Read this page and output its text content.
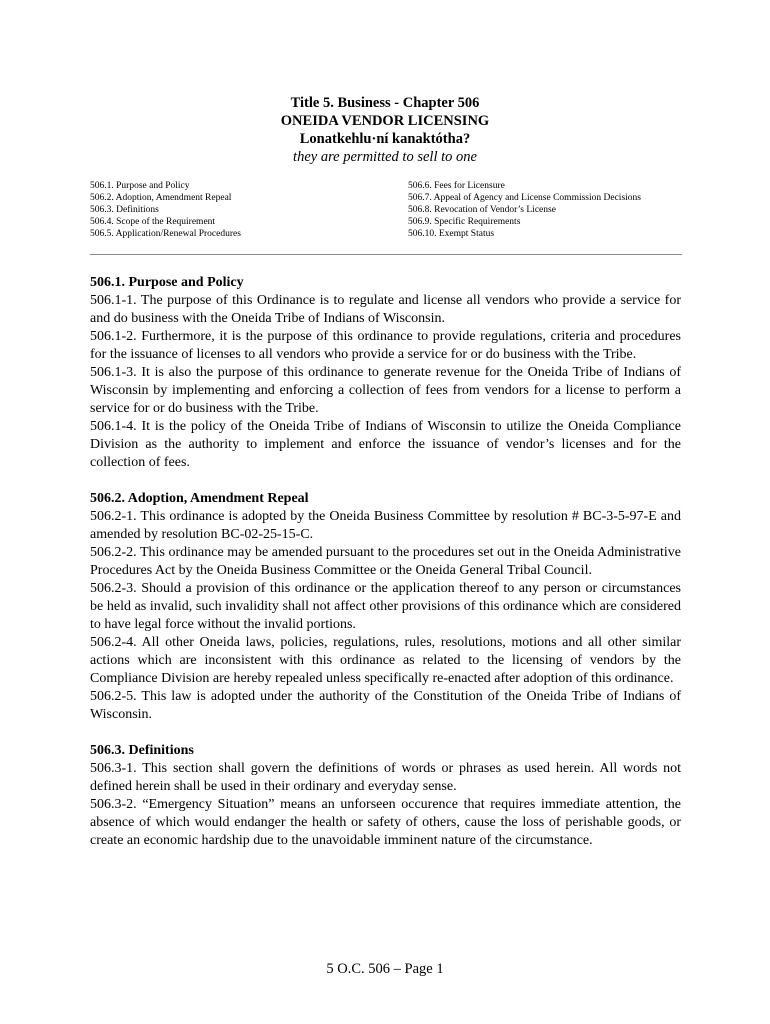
Title 5. Business - Chapter 506
ONEIDA VENDOR LICENSING
Lonatkehlu·ní kanaktótha?
they are permitted to sell to one
506.1. Purpose and Policy
506.2. Adoption, Amendment Repeal
506.3. Definitions
506.4. Scope of the Requirement
506.5. Application/Renewal Procedures
506.6. Fees for Licensure
506.7. Appeal of Agency and License Commission Decisions
506.8. Revocation of Vendor’s License
506.9. Specific Requirements
506.10. Exempt Status
506.1. Purpose and Policy
506.1-1. The purpose of this Ordinance is to regulate and license all vendors who provide a service for and do business with the Oneida Tribe of Indians of Wisconsin.
506.1-2. Furthermore, it is the purpose of this ordinance to provide regulations, criteria and procedures for the issuance of licenses to all vendors who provide a service for or do business with the Tribe.
506.1-3. It is also the purpose of this ordinance to generate revenue for the Oneida Tribe of Indians of Wisconsin by implementing and enforcing a collection of fees from vendors for a license to perform a service for or do business with the Tribe.
506.1-4. It is the policy of the Oneida Tribe of Indians of Wisconsin to utilize the Oneida Compliance Division as the authority to implement and enforce the issuance of vendor’s licenses and for the collection of fees.
506.2. Adoption, Amendment Repeal
506.2-1. This ordinance is adopted by the Oneida Business Committee by resolution # BC-3-5-97-E and amended by resolution BC-02-25-15-C.
506.2-2. This ordinance may be amended pursuant to the procedures set out in the Oneida Administrative Procedures Act by the Oneida Business Committee or the Oneida General Tribal Council.
506.2-3. Should a provision of this ordinance or the application thereof to any person or circumstances be held as invalid, such invalidity shall not affect other provisions of this ordinance which are considered to have legal force without the invalid portions.
506.2-4. All other Oneida laws, policies, regulations, rules, resolutions, motions and all other similar actions which are inconsistent with this ordinance as related to the licensing of vendors by the Compliance Division are hereby repealed unless specifically re-enacted after adoption of this ordinance.
506.2-5. This law is adopted under the authority of the Constitution of the Oneida Tribe of Indians of Wisconsin.
506.3. Definitions
506.3-1. This section shall govern the definitions of words or phrases as used herein. All words not defined herein shall be used in their ordinary and everyday sense.
506.3-2. “Emergency Situation” means an unforseen occurence that requires immediate attention, the absence of which would endanger the health or safety of others, cause the loss of perishable goods, or create an economic hardship due to the unavoidable imminent nature of the circumstance.
5 O.C. 506 – Page 1
